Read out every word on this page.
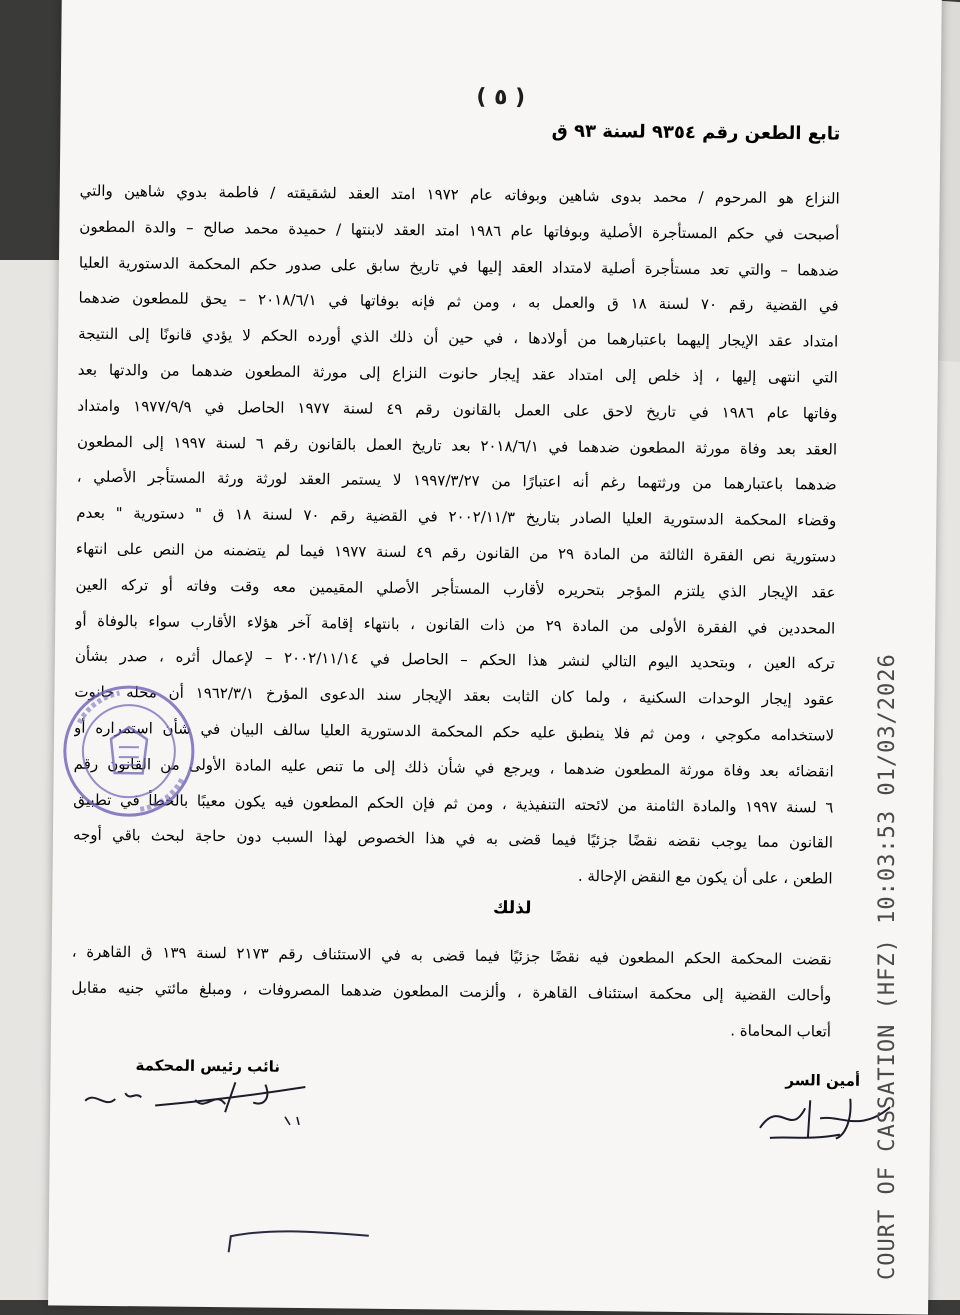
( ٥ )
تابع الطعن رقم ٩٣٥٤ لسنة ٩٣ ق
النزاع هو المرحوم / محمد بدوى شاهين وبوفاته عام ١٩٧٢ امتد العقد لشقيقته / فاطمة بدوي شاهين والتي
أصبحت في حكم المستأجرة الأصلية وبوفاتها عام ١٩٨٦ امتد العقد لابنتها / حميدة محمد صالح – والدة المطعون
ضدهما – والتي تعد مستأجرة أصلية لامتداد العقد إليها في تاريخ سابق على صدور حكم المحكمة الدستورية العليا
في القضية رقم ٧٠ لسنة ١٨ ق والعمل به ، ومن ثم فإنه بوفاتها في ٢٠١٨/٦/١ – يحق للمطعون ضدهما
امتداد عقد الإيجار إليهما باعتبارهما من أولادها ، في حين أن ذلك الذي أورده الحكم لا يؤدي قانونًا إلى النتيجة
التي انتهى إليها ، إذ خلص إلى امتداد عقد إيجار حانوت النزاع إلى مورثة المطعون ضدهما من والدتها بعد
وفاتها عام ١٩٨٦ في تاريخ لاحق على العمل بالقانون رقم ٤٩ لسنة ١٩٧٧ الحاصل في ١٩٧٧/٩/٩ وامتداد
العقد بعد وفاة مورثة المطعون ضدهما في ٢٠١٨/٦/١ بعد تاريخ العمل بالقانون رقم ٦ لسنة ١٩٩٧ إلى المطعون
ضدهما باعتبارهما من ورثتهما رغم أنه اعتبارًا من ١٩٩٧/٣/٢٧ لا يستمر العقد لورثة ورثة المستأجر الأصلي ،
وقضاء المحكمة الدستورية العليا الصادر بتاريخ ٢٠٠٢/١١/٣ في القضية رقم ٧٠ لسنة ١٨ ق " دستورية " بعدم
دستورية نص الفقرة الثالثة من المادة ٢٩ من القانون رقم ٤٩ لسنة ١٩٧٧ فيما لم يتضمنه من النص على انتهاء
عقد الإيجار الذي يلتزم المؤجر بتحريره لأقارب المستأجر الأصلي المقيمين معه وقت وفاته أو تركه العين
المحددين في الفقرة الأولى من المادة ٢٩ من ذات القانون ، بانتهاء إقامة آخر هؤلاء الأقارب سواء بالوفاة أو
تركه العين ، وبتحديد اليوم التالي لنشر هذا الحكم – الحاصل في ٢٠٠٢/١١/١٤ – لإعمال أثره ، صدر بشأن
عقود إيجار الوحدات السكنية ، ولما كان الثابت بعقد الإيجار سند الدعوى المؤرخ ١٩٦٢/٣/١ أن محله حانوت
لاستخدامه مكوجي ، ومن ثم فلا ينطبق عليه حكم المحكمة الدستورية العليا سالف البيان في شأن استمراره أو
انقضائه بعد وفاة مورثة المطعون ضدهما ، ويرجع في شأن ذلك إلى ما تنص عليه المادة الأولى من القانون رقم
٦ لسنة ١٩٩٧ والمادة الثامنة من لائحته التنفيذية ، ومن ثم فإن الحكم المطعون فيه يكون معيبًا بالخطأ في تطبيق
القانون مما يوجب نقضه نقضًا جزئيًا فيما قضى به في هذا الخصوص لهذا السبب دون حاجة لبحث باقي أوجه
الطعن ، على أن يكون مع النقض الإحالة .
لذلك
نقضت المحكمة الحكم المطعون فيه نقضًا جزئيًا فيما قضى به في الاستئناف رقم ٢١٧٣ لسنة ١٣٩ ق القاهرة ،
وأحالت القضية إلى محكمة استئناف القاهرة ، وألزمت المطعون ضدهما المصروفات ، ومبلغ مائتي جنيه مقابل
أتعاب المحاماة .
نائب رئيس المحكمة
أمين السر COURT OF CASSATION (HFZ) 10:03:53 01/03/2026
